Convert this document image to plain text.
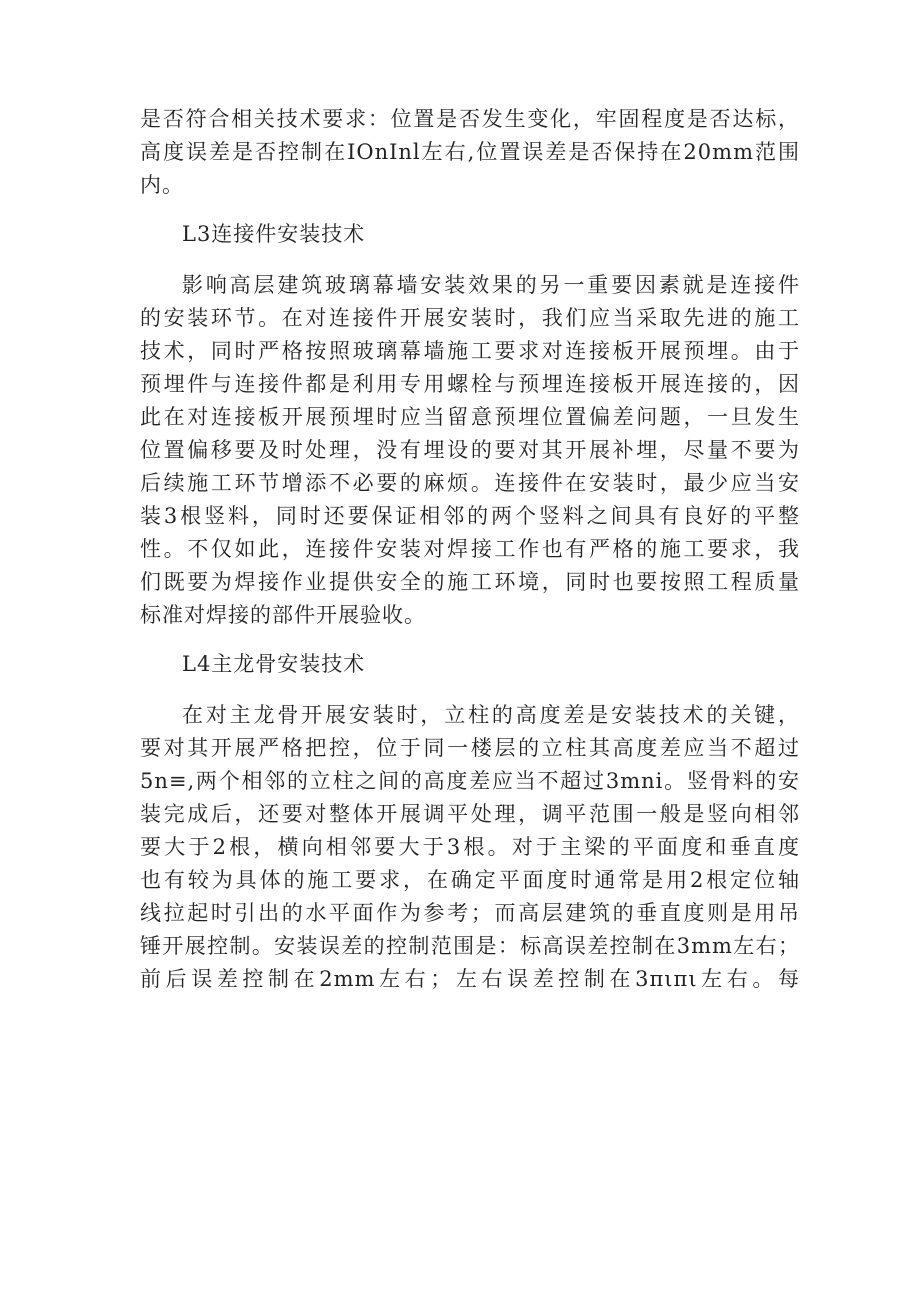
是否符合相关技术要求：位置是否发生变化，牢固程度是否达标，
高度误差是否控制在IOnInl左右,位置误差是否保持在20mm范围
内。
L3连接件安装技术
影响高层建筑玻璃幕墙安装效果的另一重要因素就是连接件
的安装环节。在对连接件开展安装时，我们应当采取先进的施工
技术，同时严格按照玻璃幕墙施工要求对连接板开展预埋。由于
预埋件与连接件都是利用专用螺栓与预埋连接板开展连接的，因
此在对连接板开展预埋时应当留意预埋位置偏差问题，一旦发生
位置偏移要及时处理，没有埋设的要对其开展补埋，尽量不要为
后续施工环节增添不必要的麻烦。连接件在安装时，最少应当安
装3根竖料，同时还要保证相邻的两个竖料之间具有良好的平整
性。不仅如此，连接件安装对焊接工作也有严格的施工要求，我
们既要为焊接作业提供安全的施工环境，同时也要按照工程质量
标准对焊接的部件开展验收。
L4主龙骨安装技术
在对主龙骨开展安装时，立柱的高度差是安装技术的关键，
要对其开展严格把控，位于同一楼层的立柱其高度差应当不超过
5n≡,两个相邻的立柱之间的高度差应当不超过3mni。竖骨料的安
装完成后，还要对整体开展调平处理，调平范围一般是竖向相邻
要大于2根，横向相邻要大于3根。对于主梁的平面度和垂直度
也有较为具体的施工要求，在确定平面度时通常是用2根定位轴
线拉起时引出的水平面作为参考；而高层建筑的垂直度则是用吊
锤开展控制。安装误差的控制范围是：标高误差控制在3mm左右；
前后误差控制在2mm左右；左右误差控制在3πιπι左右。每
